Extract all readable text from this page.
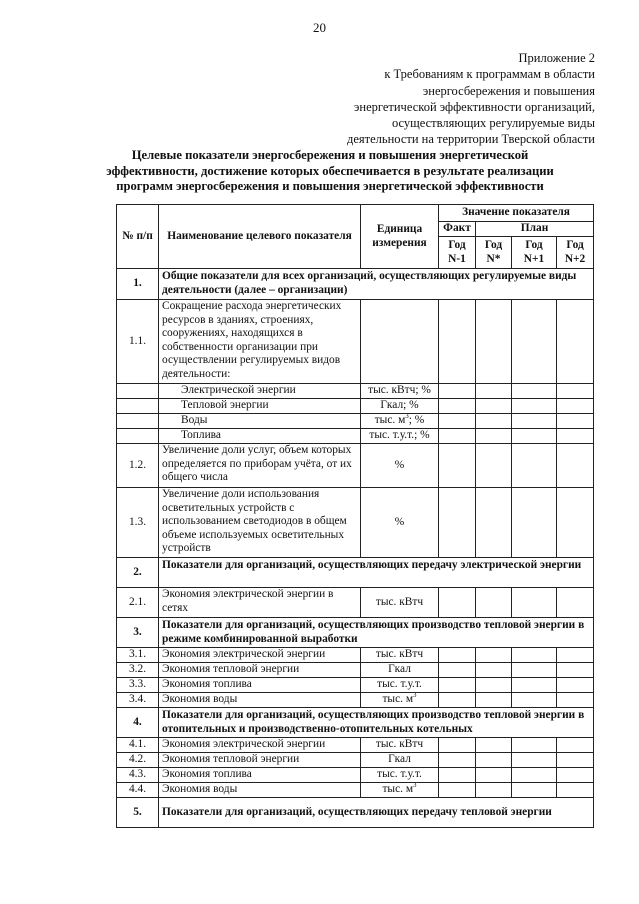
20
Приложение 2
к Требованиям к программам в области
энергосбережения и повышения
энергетической эффективности организаций,
осуществляющих регулируемые виды
деятельности на территории Тверской области
Целевые показатели энергосбережения и повышения энергетической
эффективности, достижение которых обеспечивается в результате реализации
программ энергосбережения и повышения энергетической эффективности
№ п/п	Наименование целевого показателя	Единица измерения	Значение показателя			
			Факт	План		
			Год N-1	Год N*	Год N+1	Год N+2
1.	Общие показатели для всех организаций, осуществляющих регулируемые виды деятельности (далее – организации)					
1.1.	Сокращение расхода энергетических ресурсов в зданиях, строениях, сооружениях, находящихся в собственности организации при осуществлении регулируемых видов деятельности:					
	Электрической энергии	тыс. кВтч; %				
	Тепловой энергии	Гкал; %				
	Воды	тыс. $м^3$; %				
	Топлива	тыс. т.у.т.; %				
1.2.	Увеличение доли услуг, объем которых определяется по приборам учёта, от их общего числа	%				
1.3.	Увеличение доли использования осветительных устройств с использованием светодиодов в общем объеме используемых осветительных устройств	%				
2.	Показатели для организаций, осуществляющих передачу электрической энергии					
2.1.	Экономия электрической энергии в сетях	тыс. кВтч				
3.	Показатели для организаций, осуществляющих производство тепловой энергии в режиме комбинированной выработки					
3.1.	Экономия электрической энергии	тыс. кВтч				
3.2.	Экономия тепловой энергии	Гкал				
3.3.	Экономия топлива	тыс. т.у.т.				
3.4.	Экономия воды	тыс. $м^3$				
4.	Показатели для организаций, осуществляющих производство тепловой энергии в отопительных и производственно-отопительных котельных					
4.1.	Экономия электрической энергии	тыс. кВтч				
4.2.	Экономия тепловой энергии	Гкал				
4.3.	Экономия топлива	тыс. т.у.т.				
4.4.	Экономия воды	тыс. $м^3$				
5.	Показатели для организаций, осуществляющих передачу тепловой энергии					
